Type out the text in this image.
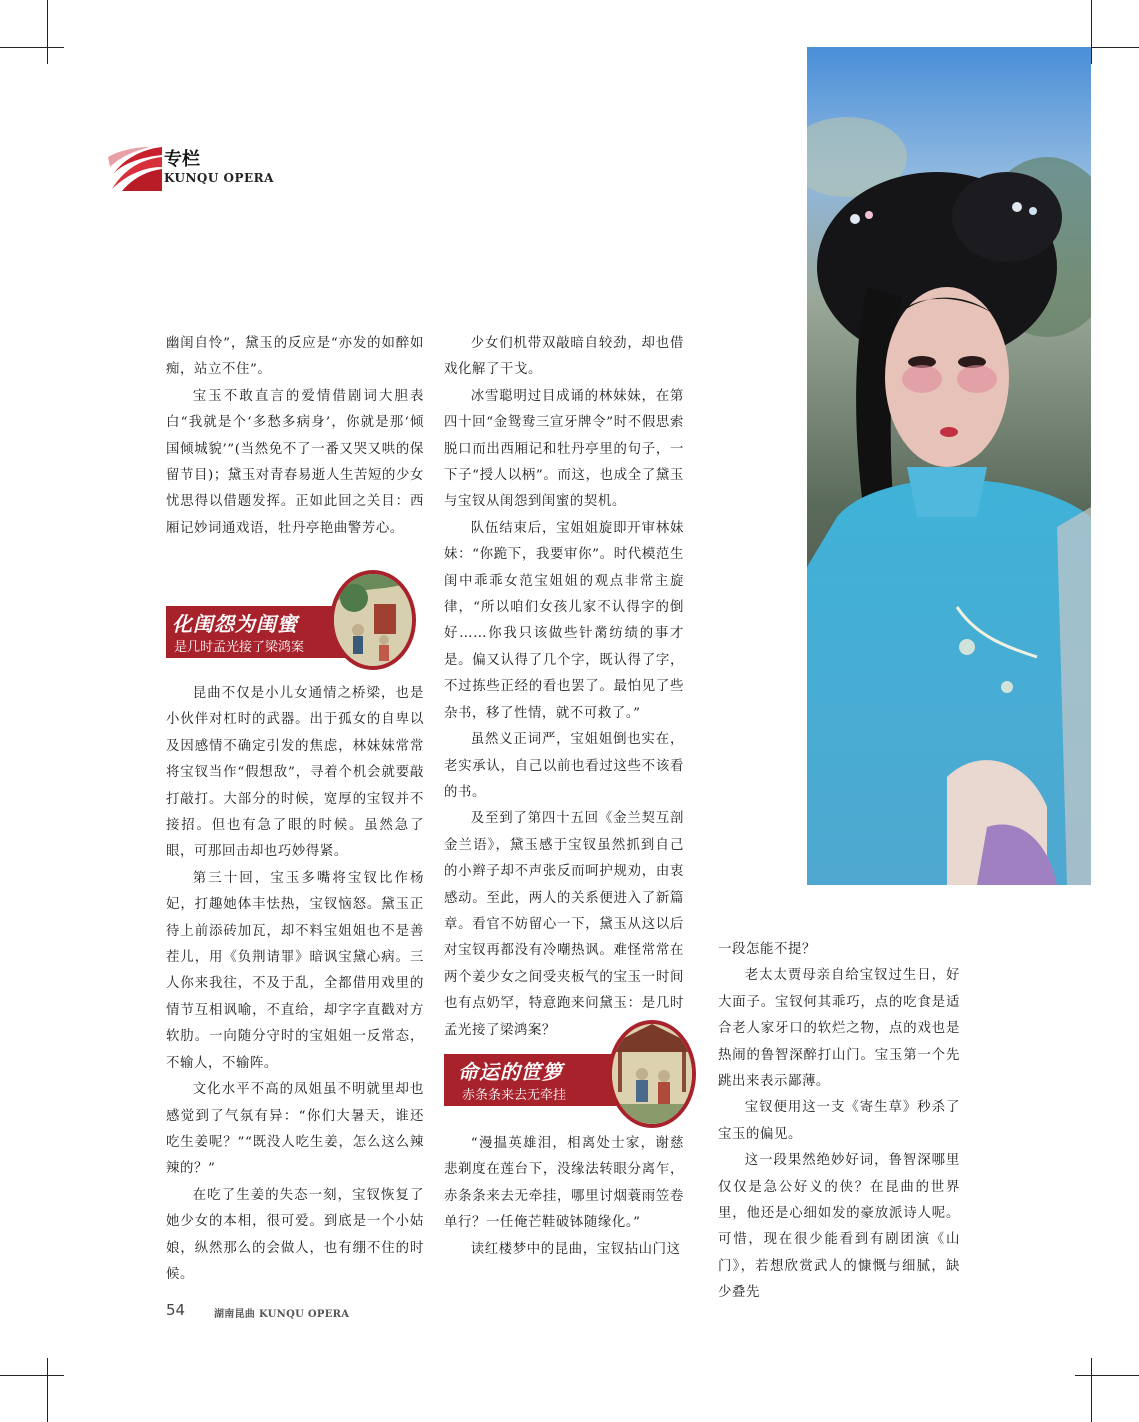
专栏
KUNQU OPERA

幽闺自怜”，黛玉的反应是“亦发的如醉如痴，站立不住”。

宝玉不敢直言的爱情借剧词大胆表白“我就是个‘多愁多病身’，你就是那‘倾国倾城貌’”(当然免不了一番又哭又哄的保留节目)；黛玉对青春易逝人生苦短的少女忧思得以借题发挥。正如此回之关目：西厢记妙词通戏语，牡丹亭艳曲警芳心。

化闺怨为闺蜜
是几时孟光接了梁鸿案

昆曲不仅是小儿女通情之桥梁，也是小伙伴对杠时的武器。出于孤女的自卑以及因感情不确定引发的焦虑，林妹妹常常将宝钗当作“假想敌”，寻着个机会就要敲打敲打。大部分的时候，宽厚的宝钗并不接招。但也有急了眼的时候。虽然急了眼，可那回击却也巧妙得紧。

第三十回，宝玉多嘴将宝钗比作杨妃，打趣她体丰怯热，宝钗恼怒。黛玉正待上前添砖加瓦，却不料宝姐姐也不是善茬儿，用《负荆请罪》暗讽宝黛心病。三人你来我往，不及于乱，全都借用戏里的情节互相讽喻，不直给，却字字直戳对方软肋。一向随分守时的宝姐姐一反常态，不输人，不输阵。

文化水平不高的凤姐虽不明就里却也感觉到了气氛有异：“你们大暑天，谁还吃生姜呢？”“既没人吃生姜，怎么这么辣辣的？”

在吃了生姜的失态一刻，宝钗恢复了她少女的本相，很可爱。到底是一个小姑娘，纵然那么的会做人，也有绷不住的时候。

少女们机带双敲暗自较劲，却也借戏化解了干戈。

冰雪聪明过目成诵的林妹妹，在第四十回“金鸳鸯三宣牙牌令”时不假思索脱口而出西厢记和牡丹亭里的句子，一下子“授人以柄”。而这，也成全了黛玉与宝钗从闺怨到闺蜜的契机。

队伍结束后，宝姐姐旋即开审林妹妹：“你跪下，我要审你”。时代模范生闺中乖乖女范宝姐姐的观点非常主旋律，“所以咱们女孩儿家不认得字的倒好……你我只该做些针黹纺绩的事才是。偏又认得了几个字，既认得了字，不过拣些正经的看也罢了。最怕见了些杂书，移了性情，就不可救了。”

虽然义正词严，宝姐姐倒也实在，老实承认，自己以前也看过这些不该看的书。

及至到了第四十五回《金兰契互剖金兰语》，黛玉感于宝钗虽然抓到自己的小辫子却不声张反而呵护规劝，由衷感动。至此，两人的关系便进入了新篇章。看官不妨留心一下，黛玉从这以后对宝钗再都没有冷嘲热讽。难怪常常在两个姜少女之间受夹板气的宝玉一时间也有点奶罕，特意跑来问黛玉：是几时孟光接了梁鸿案？

命运的笸箩
赤条条来去无牵挂

“漫揾英雄泪，相离处士家，谢慈悲剃度在莲台下，没缘法转眼分离乍，赤条条来去无牵挂，哪里讨烟蓑雨笠卷单行？一任俺芒鞋破钵随缘化。”

读红楼梦中的昆曲，宝钗拈山门这

一段怎能不提？

老太太贾母亲自给宝钗过生日，好大面子。宝钗何其乖巧，点的吃食是适合老人家牙口的软烂之物，点的戏也是热闹的鲁智深醉打山门。宝玉第一个先跳出来表示鄙薄。

宝钗便用这一支《寄生草》秒杀了宝玉的偏见。

这一段果然绝妙好词，鲁智深哪里仅仅是急公好义的侠？在昆曲的世界里，他还是心细如发的豪放派诗人呢。可惜，现在很少能看到有剧团演《山门》，若想欣赏武人的慷慨与细腻，缺少叠先

54	湖南昆曲 KUNQU OPERA
